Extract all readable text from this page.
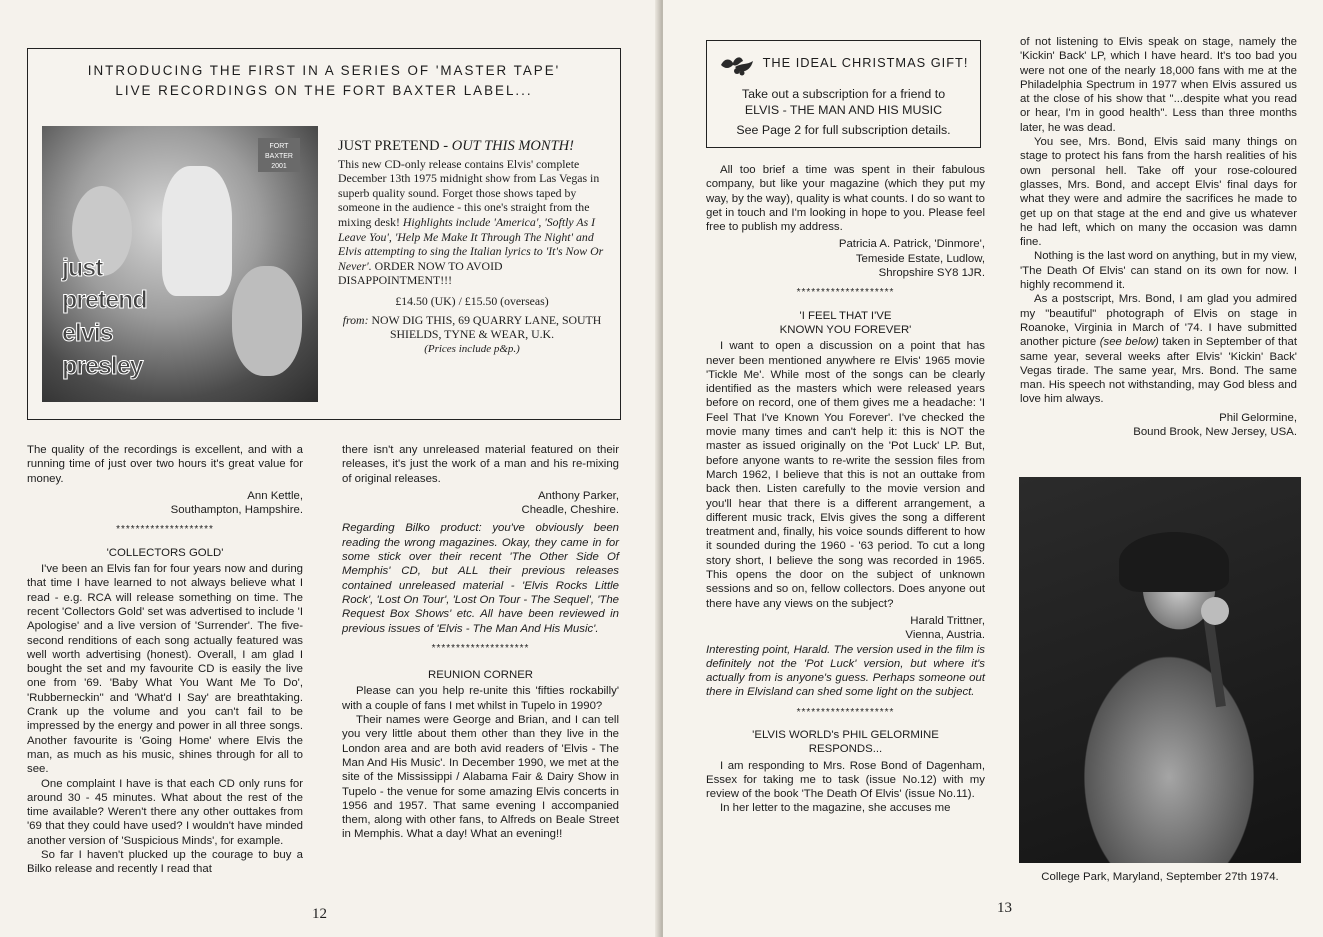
INTRODUCING THE FIRST IN A SERIES OF 'MASTER TAPE'
LIVE RECORDINGS ON THE FORT BAXTER LABEL...
FORT BAXTER 2001
just
pretend
elvis
presley
JUST PRETEND - OUT THIS MONTH!
This new CD-only release contains Elvis' complete December 13th 1975 midnight show from Las Vegas in superb quality sound. Forget those shows taped by someone in the audience - this one's straight from the mixing desk! Highlights include 'America', 'Softly As I Leave You', 'Help Me Make It Through The Night' and Elvis attempting to sing the Italian lyrics to 'It's Now Or Never'. ORDER NOW TO AVOID DISAPPOINTMENT!!!
£14.50 (UK) / £15.50 (overseas)
from: NOW DIG THIS, 69 QUARRY LANE, SOUTH SHIELDS, TYNE & WEAR, U.K.
(Prices include p&p.)

The quality of the recordings is excellent, and with a running time of just over two hours it's great value for money.

Ann Kettle,
Southampton, Hampshire.
********************
'COLLECTORS GOLD'

I've been an Elvis fan for four years now and during that time I have learned to not always believe what I read - e.g. RCA will release something on time. The recent 'Collectors Gold' set was advertised to include 'I Apologise' and a live version of 'Surrender'. The five-second renditions of each song actually featured was well worth advertising (honest). Overall, I am glad I bought the set and my favourite CD is easily the live one from '69. 'Baby What You Want Me To Do', 'Rubberneckin'' and 'What'd I Say' are breathtaking. Crank up the volume and you can't fail to be impressed by the energy and power in all three songs. Another favourite is 'Going Home' where Elvis the man, as much as his music, shines through for all to see.

One complaint I have is that each CD only runs for around 30 - 45 minutes. What about the rest of the time available? Weren't there any other outtakes from '69 that they could have used? I wouldn't have minded another version of 'Suspicious Minds', for example.

So far I haven't plucked up the courage to buy a Bilko release and recently I read that

there isn't any unreleased material featured on their releases, it's just the work of a man and his re-mixing of original releases.

Anthony Parker,
Cheadle, Cheshire.

Regarding Bilko product: you've obviously been reading the wrong magazines. Okay, they came in for some stick over their recent 'The Other Side Of Memphis' CD, but ALL their previous releases contained unreleased material - 'Elvis Rocks Little Rock', 'Lost On Tour', 'Lost On Tour - The Sequel', 'The Request Box Shows' etc. All have been reviewed in previous issues of 'Elvis - The Man And His Music'.

********************
REUNION CORNER

Please can you help re-unite this 'fifties rockabilly' with a couple of fans I met whilst in Tupelo in 1990?

Their names were George and Brian, and I can tell you very little about them other than they live in the London area and are both avid readers of 'Elvis - The Man And His Music'. In December 1990, we met at the site of the Mississippi / Alabama Fair & Dairy Show in Tupelo - the venue for some amazing Elvis concerts in 1956 and 1957. That same evening I accompanied them, along with other fans, to Alfreds on Beale Street in Memphis. What a day! What an evening!!

12
THE IDEAL CHRISTMAS GIFT!
Take out a subscription for a friend to
ELVIS - THE MAN AND HIS MUSIC
See Page 2 for full subscription details.

All too brief a time was spent in their fabulous company, but like your magazine (which they put my way, by the way), quality is what counts. I do so want to get in touch and I'm looking in hope to you. Please feel free to publish my address.

Patricia A. Patrick, 'Dinmore',
Temeside Estate, Ludlow,
Shropshire SY8 1JR.
********************
'I FEEL THAT I'VE
KNOWN YOU FOREVER'

I want to open a discussion on a point that has never been mentioned anywhere re Elvis' 1965 movie 'Tickle Me'. While most of the songs can be clearly identified as the masters which were released years before on record, one of them gives me a headache: 'I Feel That I've Known You Forever'. I've checked the movie many times and can't help it: this is NOT the master as issued originally on the 'Pot Luck' LP. But, before anyone wants to re-write the session files from March 1962, I believe that this is not an outtake from back then. Listen carefully to the movie version and you'll hear that there is a different arrangement, a different music track, Elvis gives the song a different treatment and, finally, his voice sounds different to how it sounded during the 1960 - '63 period. To cut a long story short, I believe the song was recorded in 1965. This opens the door on the subject of unknown sessions and so on, fellow collectors. Does anyone out there have any views on the subject?

Harald Trittner,
Vienna, Austria.

Interesting point, Harald. The version used in the film is definitely not the 'Pot Luck' version, but where it's actually from is anyone's guess. Perhaps someone out there in Elvisland can shed some light on the subject.

********************
'ELVIS WORLD's PHIL GELORMINE
RESPONDS...

I am responding to Mrs. Rose Bond of Dagenham, Essex for taking me to task (issue No.12) with my review of the book 'The Death Of Elvis' (issue No.11).

In her letter to the magazine, she accuses me

of not listening to Elvis speak on stage, namely the 'Kickin' Back' LP, which I have heard. It's too bad you were not one of the nearly 18,000 fans with me at the Philadelphia Spectrum in 1977 when Elvis assured us at the close of his show that "...despite what you read or hear, I'm in good health". Less than three months later, he was dead.

You see, Mrs. Bond, Elvis said many things on stage to protect his fans from the harsh realities of his own personal hell. Take off your rose-coloured glasses, Mrs. Bond, and accept Elvis' final days for what they were and admire the sacrifices he made to get up on that stage at the end and give us whatever he had left, which on many the occasion was damn fine.

Nothing is the last word on anything, but in my view, 'The Death Of Elvis' can stand on its own for now. I highly recommend it.

As a postscript, Mrs. Bond, I am glad you admired my "beautiful" photograph of Elvis on stage in Roanoke, Virginia in March of '74. I have submitted another picture (see below) taken in September of that same year, several weeks after Elvis' 'Kickin' Back' Vegas tirade. The same year, Mrs. Bond. The same man. His speech not withstanding, may God bless and love him always.

Phil Gelormine,
Bound Brook, New Jersey, USA.
College Park, Maryland, September 27th 1974.
13
